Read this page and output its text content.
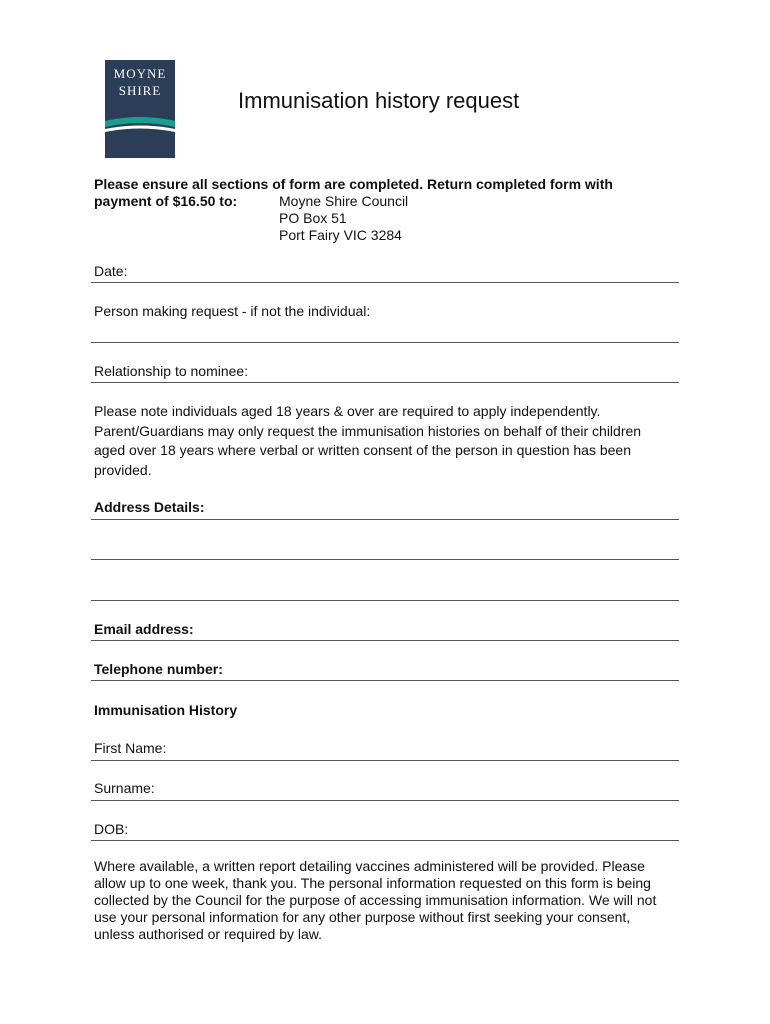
MOYNE
SHIRE	Immunisation history request
Please ensure all sections of form are completed. Return completed form with
payment of $16.50 to:	Moyne Shire Council
PO Box 51
Port Fairy VIC 3284
Date:
Person making request - if not the individual:
Relationship to nominee:
Please note individuals aged 18 years & over are required to apply independently. Parent/Guardians may only request the immunisation histories on behalf of their children aged over 18 years where verbal or written consent of the person in question has been provided.
Address Details:
Email address:
Telephone number:
Immunisation History
First Name:
Surname:
DOB:
Where available, a written report detailing vaccines administered will be provided. Please allow up to one week, thank you. The personal information requested on this form is being collected by the Council for the purpose of accessing immunisation information. We will not use your personal information for any other purpose without first seeking your consent, unless authorised or required by law.
